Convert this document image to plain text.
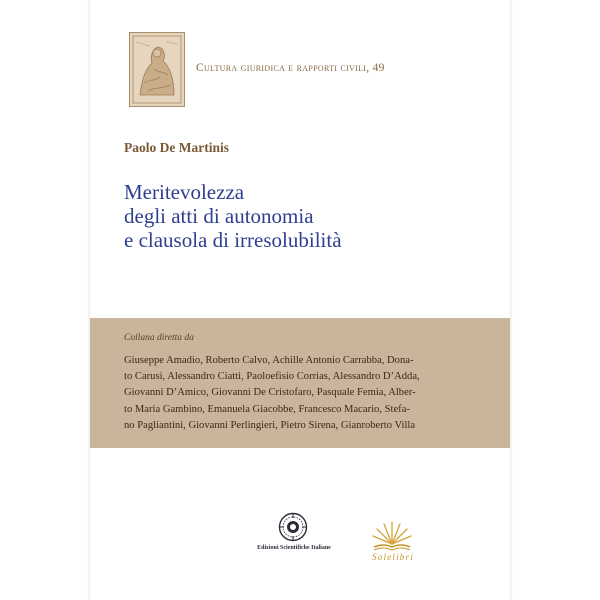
Cultura giuridica e rapporti civili, 49
Paolo De Martinis
Meritevolezza
degli atti di autonomia
e clausola di irresolubilità
Collana diretta da
Giuseppe Amadio, Roberto Calvo, Achille Antonio Carrabba, Dona-
to Carusi, Alessandro Ciatti, Paoloefisio Corrias, Alessandro D’Adda,
Giovanni D’Amico, Giovanni De Cristofaro, Pasquale Femia, Alber-
to Maria Gambino, Emanuela Giacobbe, Francesco Macario, Stefa-
no Pagliantini, Giovanni Perlingieri, Pietro Sirena, Gianroberto Villa
Edizioni Scientifiche Italiane
Solelibri
